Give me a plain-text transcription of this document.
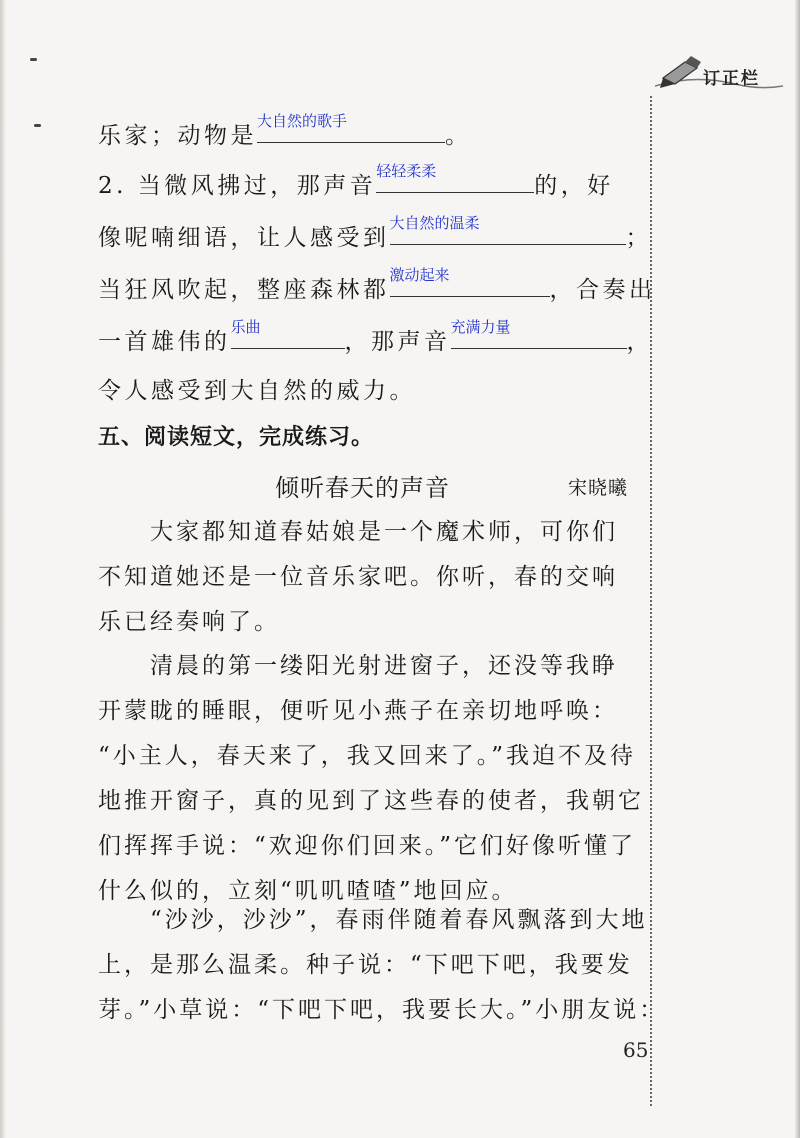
订正栏
乐家；动物是
大自然的歌手
。
2. 当微风拂过，那声音
轻轻柔柔
的，好
像呢喃细语，让人感受到
大自然的温柔
；
当狂风吹起，整座森林都
激动起来
，合奏出
一首雄伟的
乐曲
，那声音
充满力量
，
令人感受到大自然的威力。
五、阅读短文，完成练习。
倾听春天的声音	宋晓曦
　　大家都知道春姑娘是一个魔术师，可你们
不知道她还是一位音乐家吧。你听，春的交响
乐已经奏响了。
　　清晨的第一缕阳光射进窗子，还没等我睁
开蒙眬的睡眼，便听见小燕子在亲切地呼唤：
“小主人，春天来了，我又回来了。”我迫不及待
地推开窗子，真的见到了这些春的使者，我朝它
们挥挥手说：“欢迎你们回来。”它们好像听懂了
什么似的，立刻“叽叽喳喳”地回应。
　　“沙沙，沙沙”，春雨伴随着春风飘落到大地
上，是那么温柔。种子说：“下吧下吧，我要发
芽。”小草说：“下吧下吧，我要长大。”小朋友说：
65
